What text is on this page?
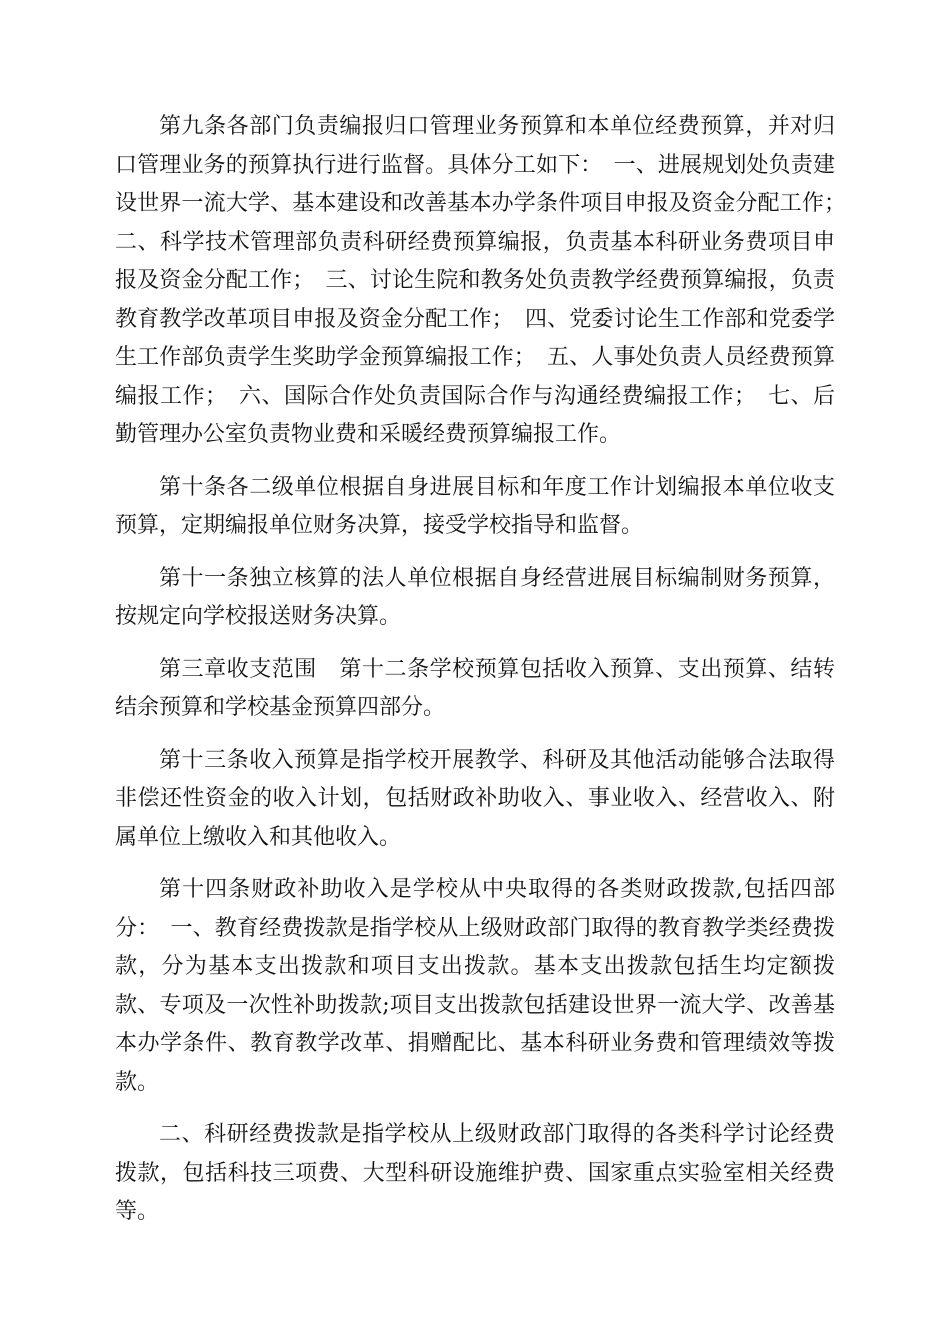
第九条各部门负责编报归口管理业务预算和本单位经费预算，并对归口管理业务的预算执行进行监督。具体分工如下：　一、进展规划处负责建设世界一流大学、基本建设和改善基本办学条件项目申报及资金分配工作；　二、科学技术管理部负责科研经费预算编报，负责基本科研业务费项目申报及资金分配工作；　三、讨论生院和教务处负责教学经费预算编报，负责教育教学改革项目申报及资金分配工作；　四、党委讨论生工作部和党委学生工作部负责学生奖助学金预算编报工作；　五、人事处负责人员经费预算编报工作；　六、国际合作处负责国际合作与沟通经费编报工作；　七、后勤管理办公室负责物业费和采暖经费预算编报工作。

第十条各二级单位根据自身进展目标和年度工作计划编报本单位收支预算，定期编报单位财务决算，接受学校指导和监督。

第十一条独立核算的法人单位根据自身经营进展目标编制财务预算，按规定向学校报送财务决算。

第三章收支范围　第十二条学校预算包括收入预算、支出预算、结转结余预算和学校基金预算四部分。

第十三条收入预算是指学校开展教学、科研及其他活动能够合法取得非偿还性资金的收入计划，包括财政补助收入、事业收入、经营收入、附属单位上缴收入和其他收入。

第十四条财政补助收入是学校从中央取得的各类财政拨款,包括四部分：　一、教育经费拨款是指学校从上级财政部门取得的教育教学类经费拨款，分为基本支出拨款和项目支出拨款。基本支出拨款包括生均定额拨款、专项及一次性补助拨款;项目支出拨款包括建设世界一流大学、改善基本办学条件、教育教学改革、捐赠配比、基本科研业务费和管理绩效等拨款。

二、科研经费拨款是指学校从上级财政部门取得的各类科学讨论经费拨款，包括科技三项费、大型科研设施维护费、国家重点实验室相关经费等。
